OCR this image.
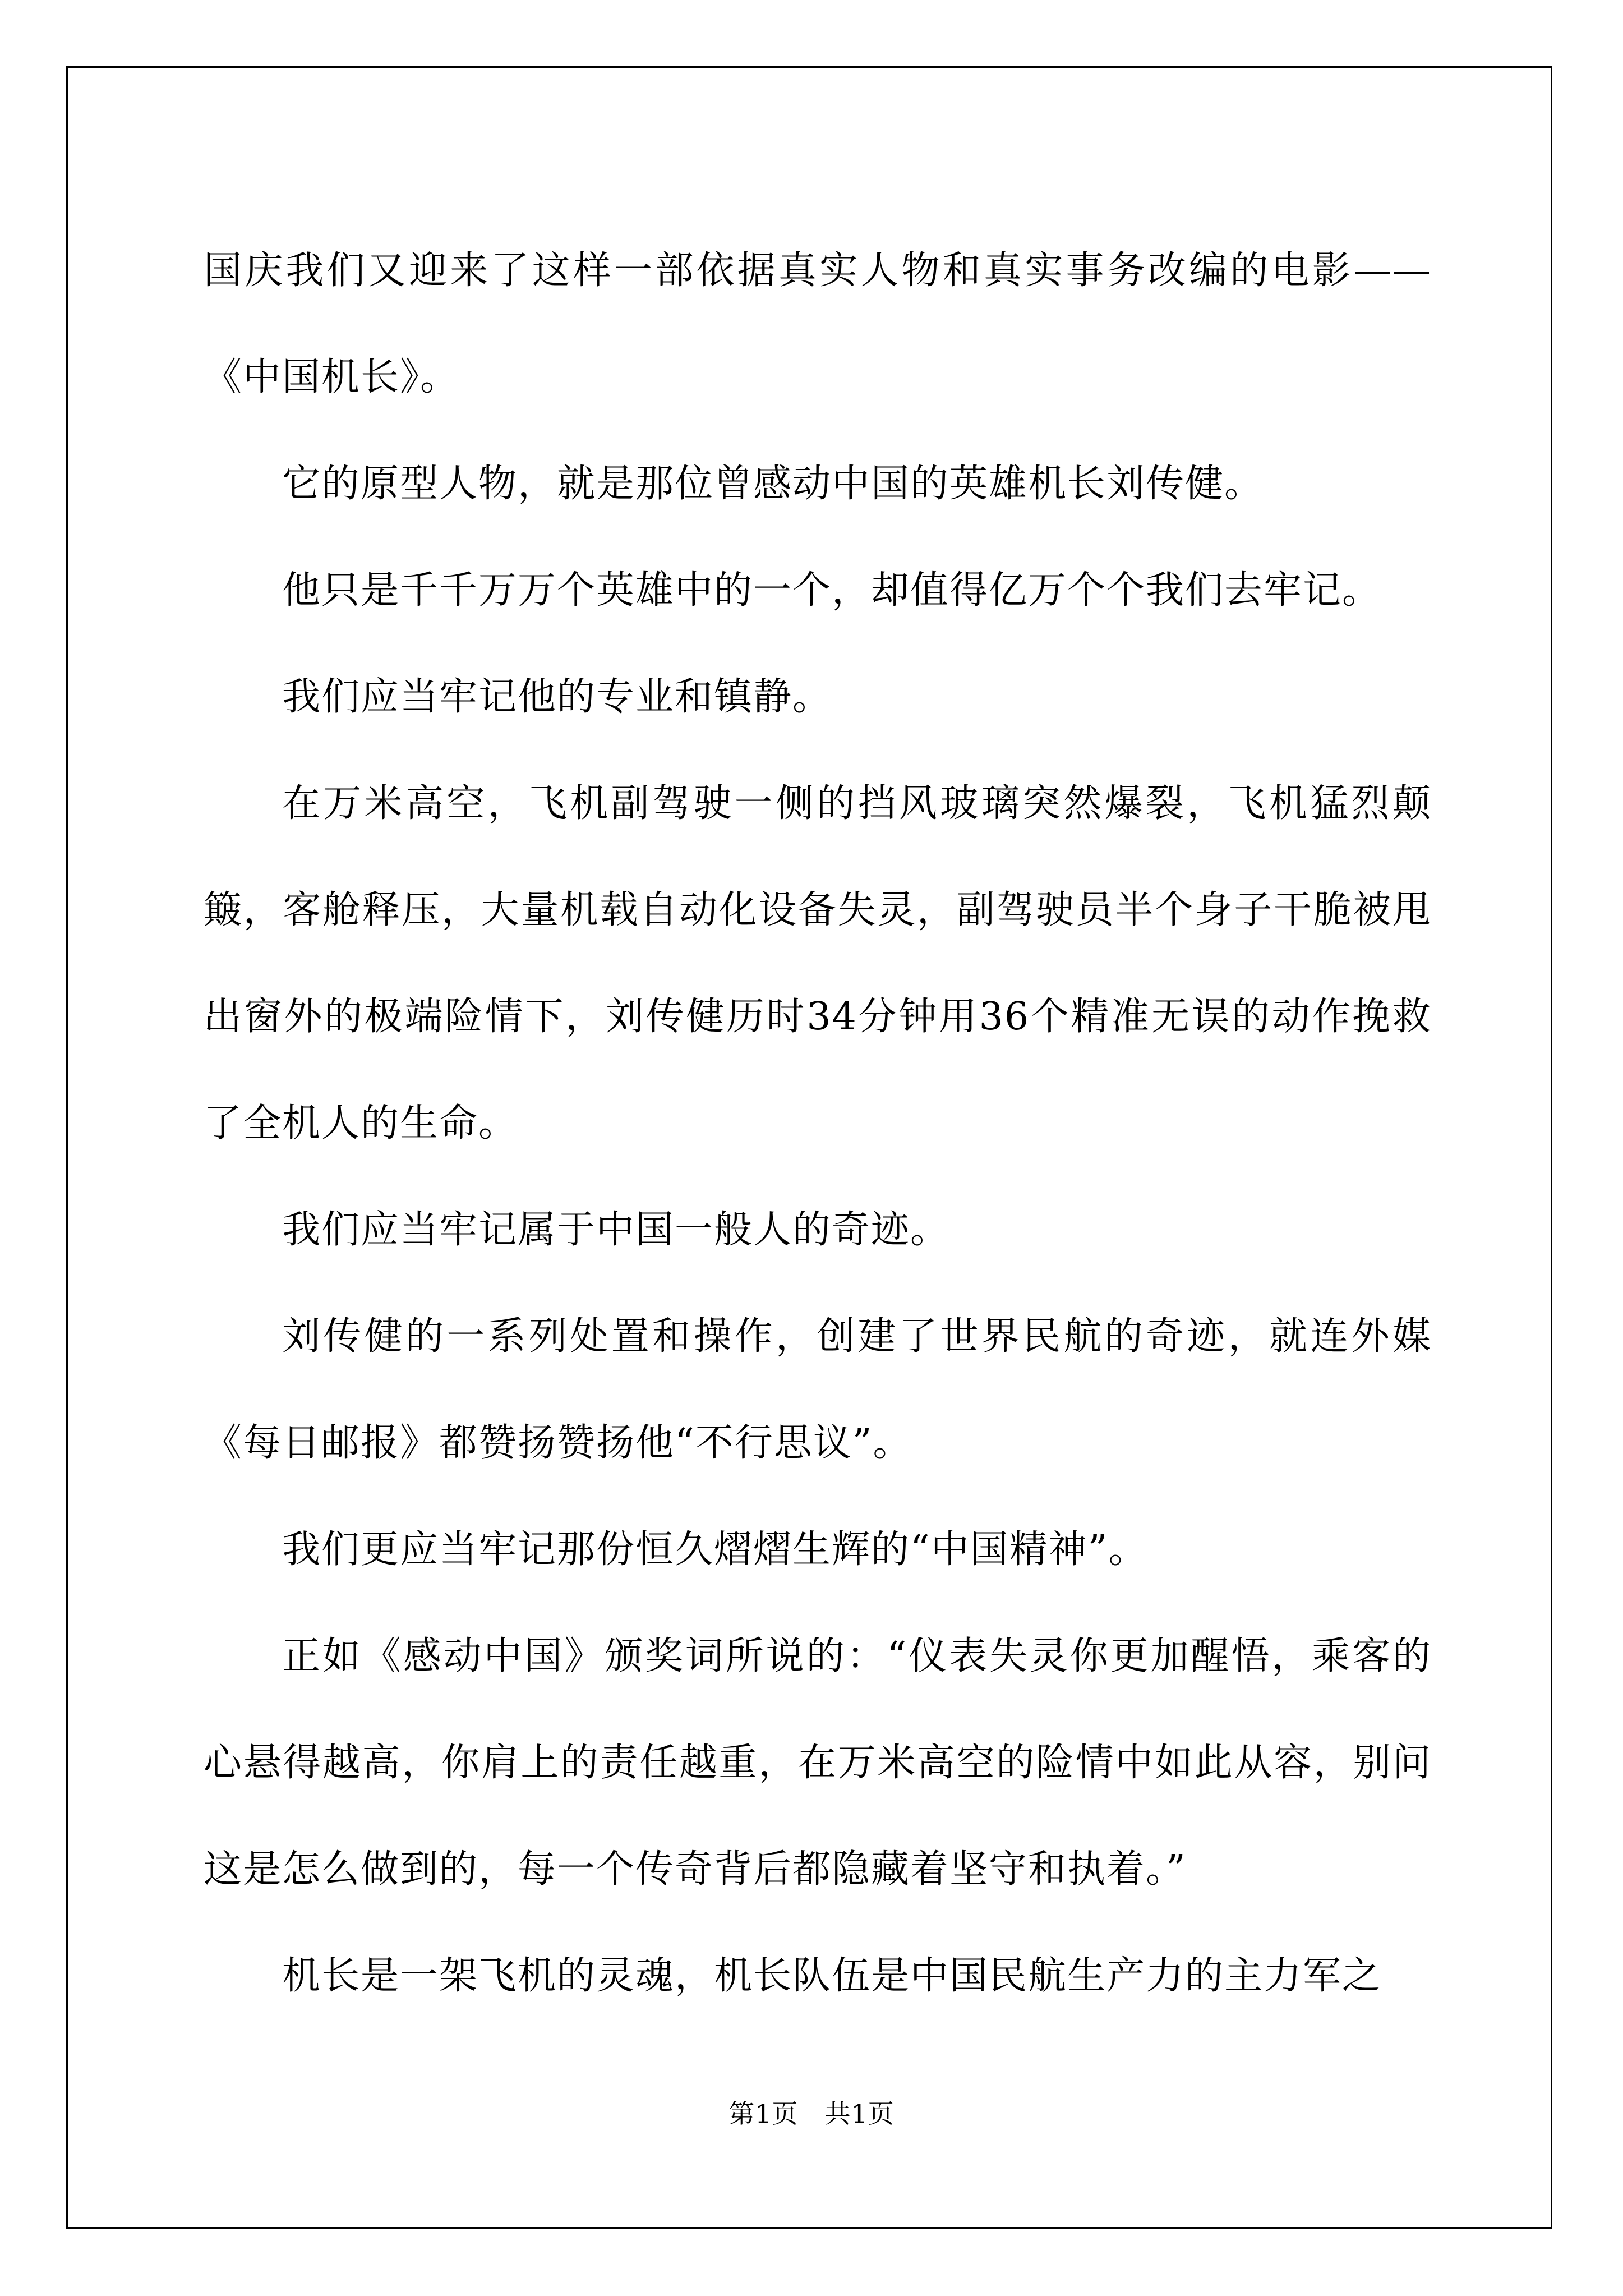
国庆我们又迎来了这样一部依据真实人物和真实事务改编的电影——《中国机长》。

它的原型人物，就是那位曾感动中国的英雄机长刘传健。

他只是千千万万个英雄中的一个，却值得亿万个个我们去牢记。

我们应当牢记他的专业和镇静。

在万米高空，飞机副驾驶一侧的挡风玻璃突然爆裂，飞机猛烈颠簸，客舱释压，大量机载自动化设备失灵，副驾驶员半个身子干脆被甩出窗外的极端险情下，刘传健历时34分钟用36个精准无误的动作挽救了全机人的生命。

我们应当牢记属于中国一般人的奇迹。

刘传健的一系列处置和操作，创建了世界民航的奇迹，就连外媒《每日邮报》都赞扬赞扬他“不行思议”。

我们更应当牢记那份恒久熠熠生辉的“中国精神”。

正如《感动中国》颁奖词所说的：“仪表失灵你更加醒悟，乘客的心悬得越高，你肩上的责任越重，在万米高空的险情中如此从容，别问这是怎么做到的，每一个传奇背后都隐藏着坚守和执着。”

机长是一架飞机的灵魂，机长队伍是中国民航生产力的主力军之

第1页　共1页
